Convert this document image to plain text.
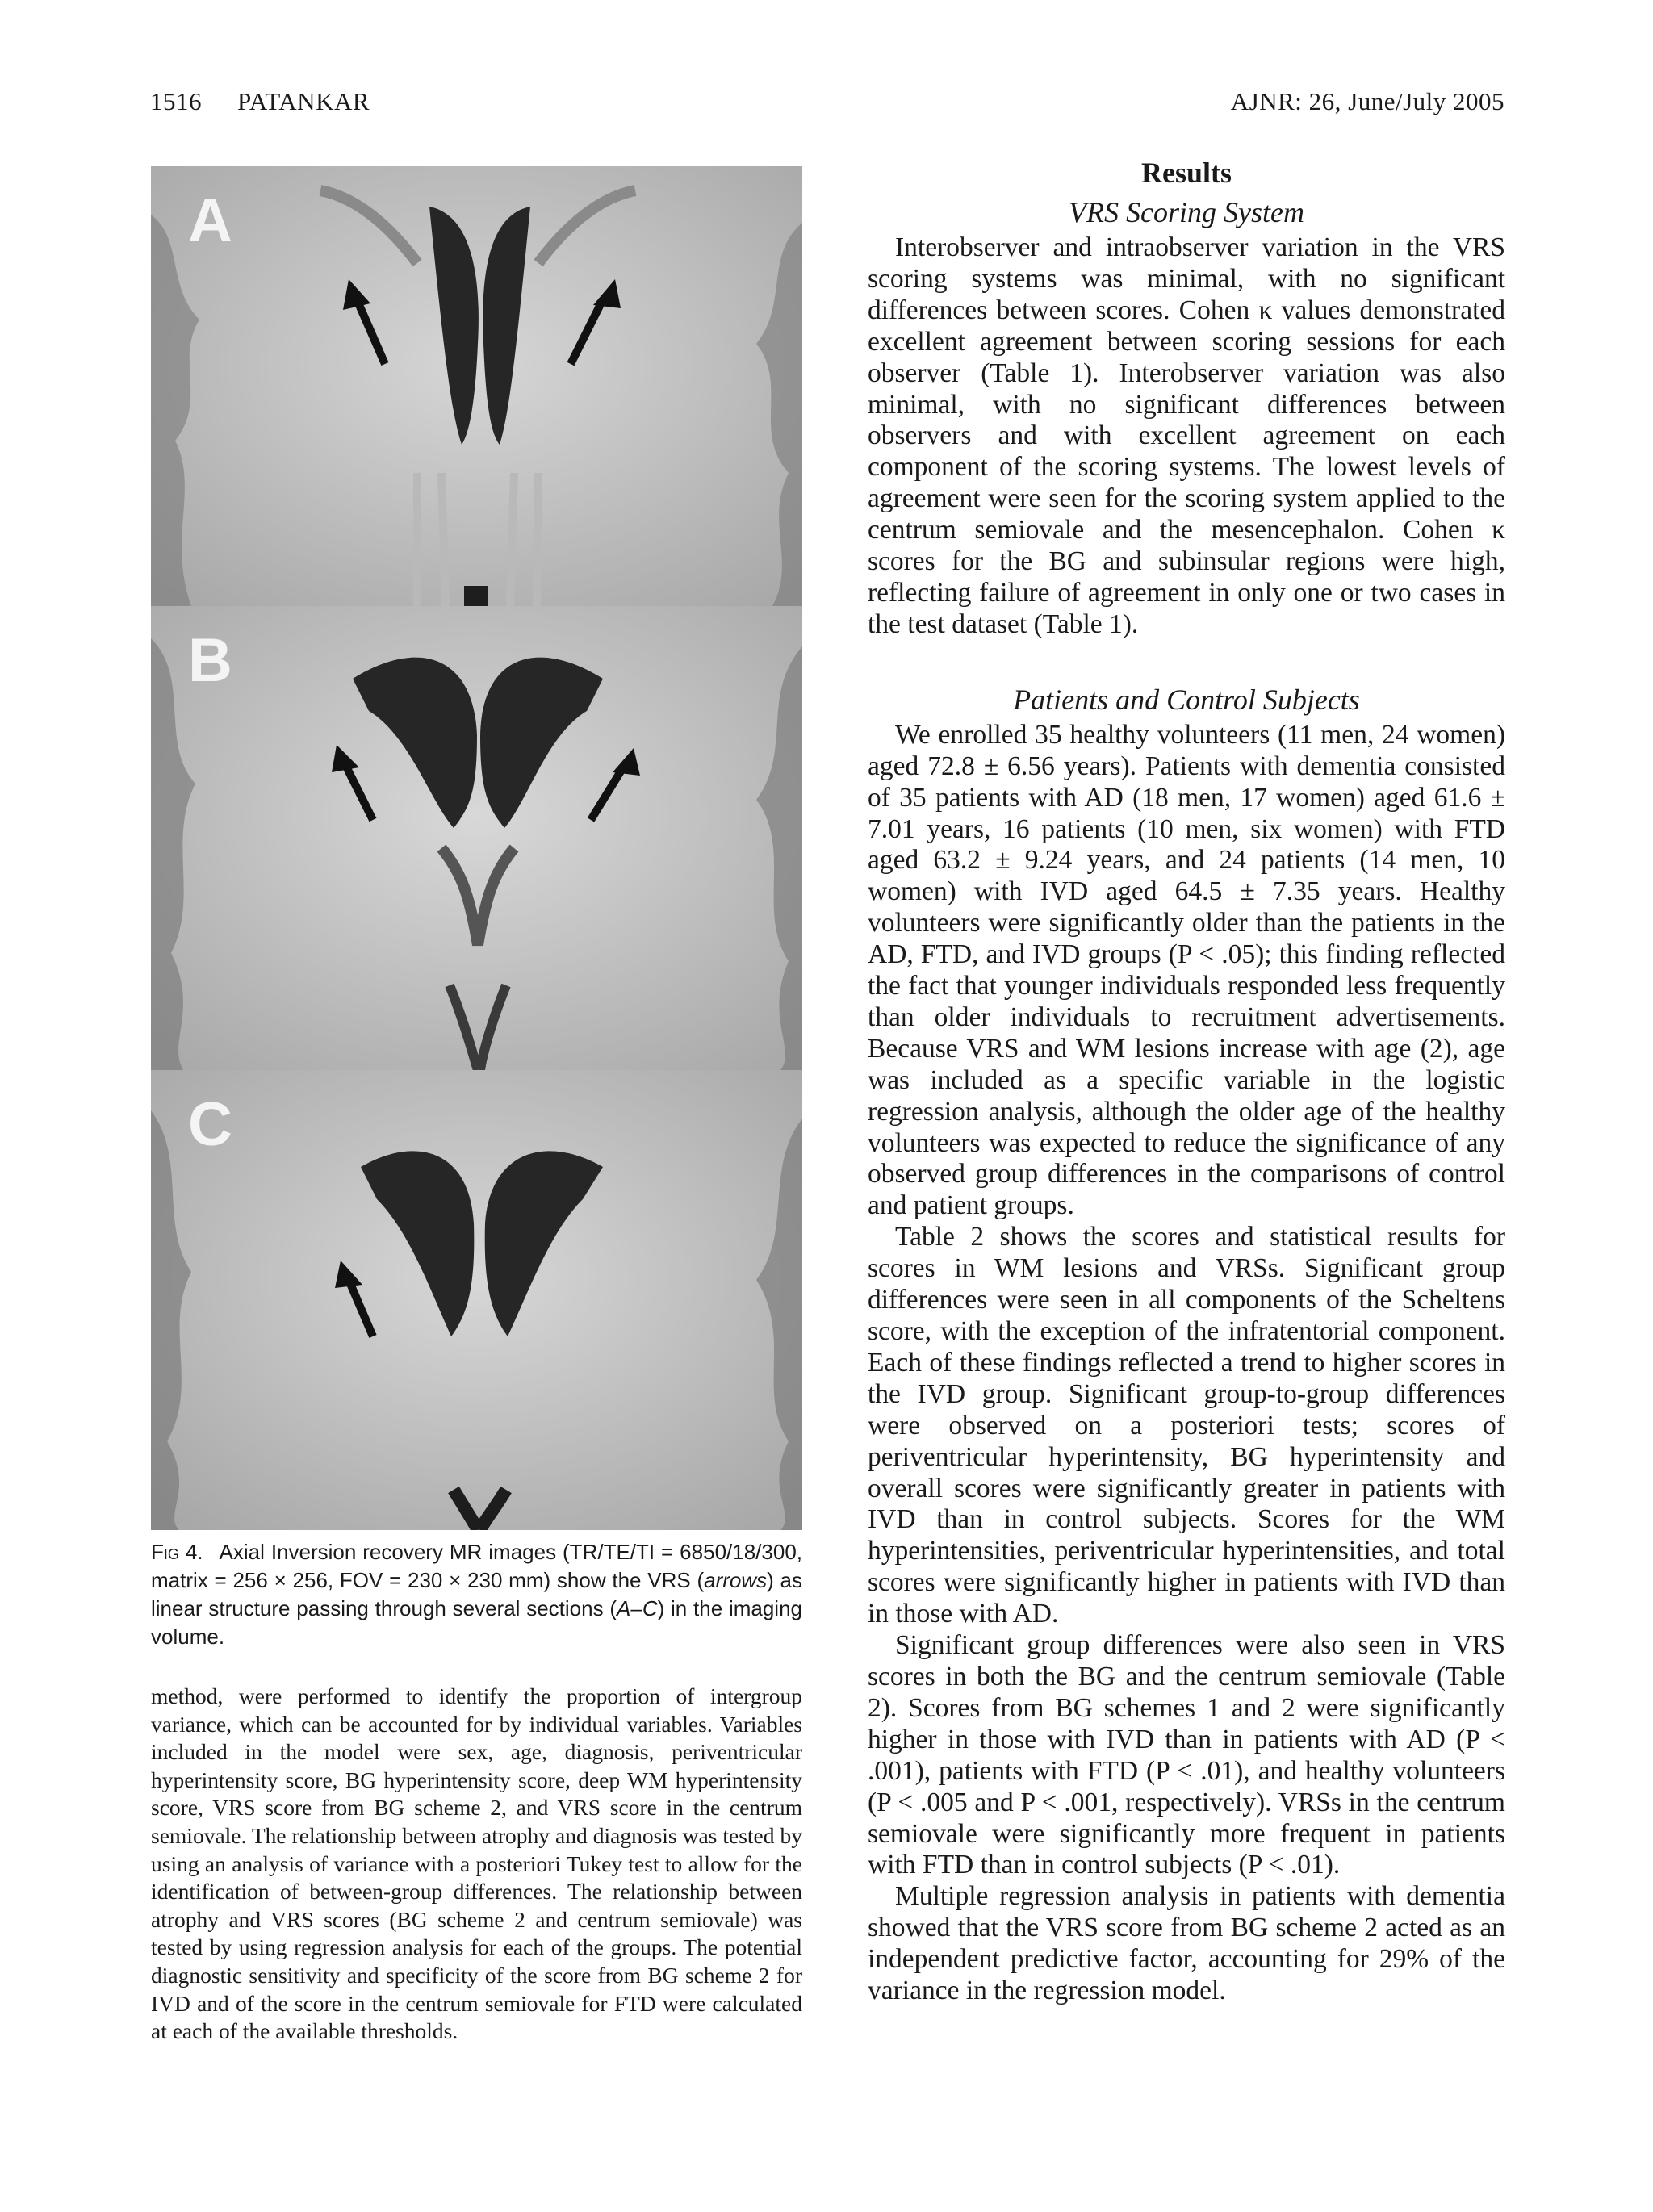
1516 PATANKAR	AJNR: 26, June/July 2005
A
B
C
Fig 4. Axial Inversion recovery MR images (TR/TE/TI = 6850/18/300, matrix = 256 × 256, FOV = 230 × 230 mm) show the VRS (arrows) as linear structure passing through several sections (A–C) in the imaging volume.
method, were performed to identify the proportion of intergroup variance, which can be accounted for by individual variables. Variables included in the model were sex, age, diagnosis, periventricular hyperintensity score, BG hyperintensity score, deep WM hyperintensity score, VRS score from BG scheme 2, and VRS score in the centrum semiovale. The relationship between atrophy and diagnosis was tested by using an analysis of variance with a posteriori Tukey test to allow for the identification of between-group differences. The relationship between atrophy and VRS scores (BG scheme 2 and centrum semiovale) was tested by using regression analysis for each of the groups. The potential diagnostic sensitivity and specificity of the score from BG scheme 2 for IVD and of the score in the centrum semiovale for FTD were calculated at each of the available thresholds.
Results
VRS Scoring System

Interobserver and intraobserver variation in the VRS scoring systems was minimal, with no significant differences between scores. Cohen κ values demonstrated excellent agreement between scoring sessions for each observer (Table 1). Interobserver variation was also minimal, with no significant differences between observers and with excellent agreement on each component of the scoring systems. The lowest levels of agreement were seen for the scoring system applied to the centrum semiovale and the mesencephalon. Cohen κ scores for the BG and subinsular regions were high, reflecting failure of agreement in only one or two cases in the test dataset (Table 1).

Patients and Control Subjects

We enrolled 35 healthy volunteers (11 men, 24 women) aged 72.8 ± 6.56 years). Patients with dementia consisted of 35 patients with AD (18 men, 17 women) aged 61.6 ± 7.01 years, 16 patients (10 men, six women) with FTD aged 63.2 ± 9.24 years, and 24 patients (14 men, 10 women) with IVD aged 64.5 ± 7.35 years. Healthy volunteers were significantly older than the patients in the AD, FTD, and IVD groups (P < .05); this finding reflected the fact that younger individuals responded less frequently than older individuals to recruitment advertisements. Because VRS and WM lesions increase with age (2), age was included as a specific variable in the logistic regression analysis, although the older age of the healthy volunteers was expected to reduce the significance of any observed group differences in the comparisons of control and patient groups.

Table 2 shows the scores and statistical results for scores in WM lesions and VRSs. Significant group differences were seen in all components of the Scheltens score, with the exception of the infratentorial component. Each of these findings reflected a trend to higher scores in the IVD group. Significant group-to-group differences were observed on a posteriori tests; scores of periventricular hyperintensity, BG hyperintensity and overall scores were significantly greater in patients with IVD than in control subjects. Scores for the WM hyperintensities, periventricular hyperintensities, and total scores were significantly higher in patients with IVD than in those with AD.

Significant group differences were also seen in VRS scores in both the BG and the centrum semiovale (Table 2). Scores from BG schemes 1 and 2 were significantly higher in those with IVD than in patients with AD (P < .001), patients with FTD (P < .01), and healthy volunteers (P < .005 and P < .001, respectively). VRSs in the centrum semiovale were significantly more frequent in patients with FTD than in control subjects (P < .01).

Multiple regression analysis in patients with dementia showed that the VRS score from BG scheme 2 acted as an independent predictive factor, accounting for 29% of the variance in the regression model.
